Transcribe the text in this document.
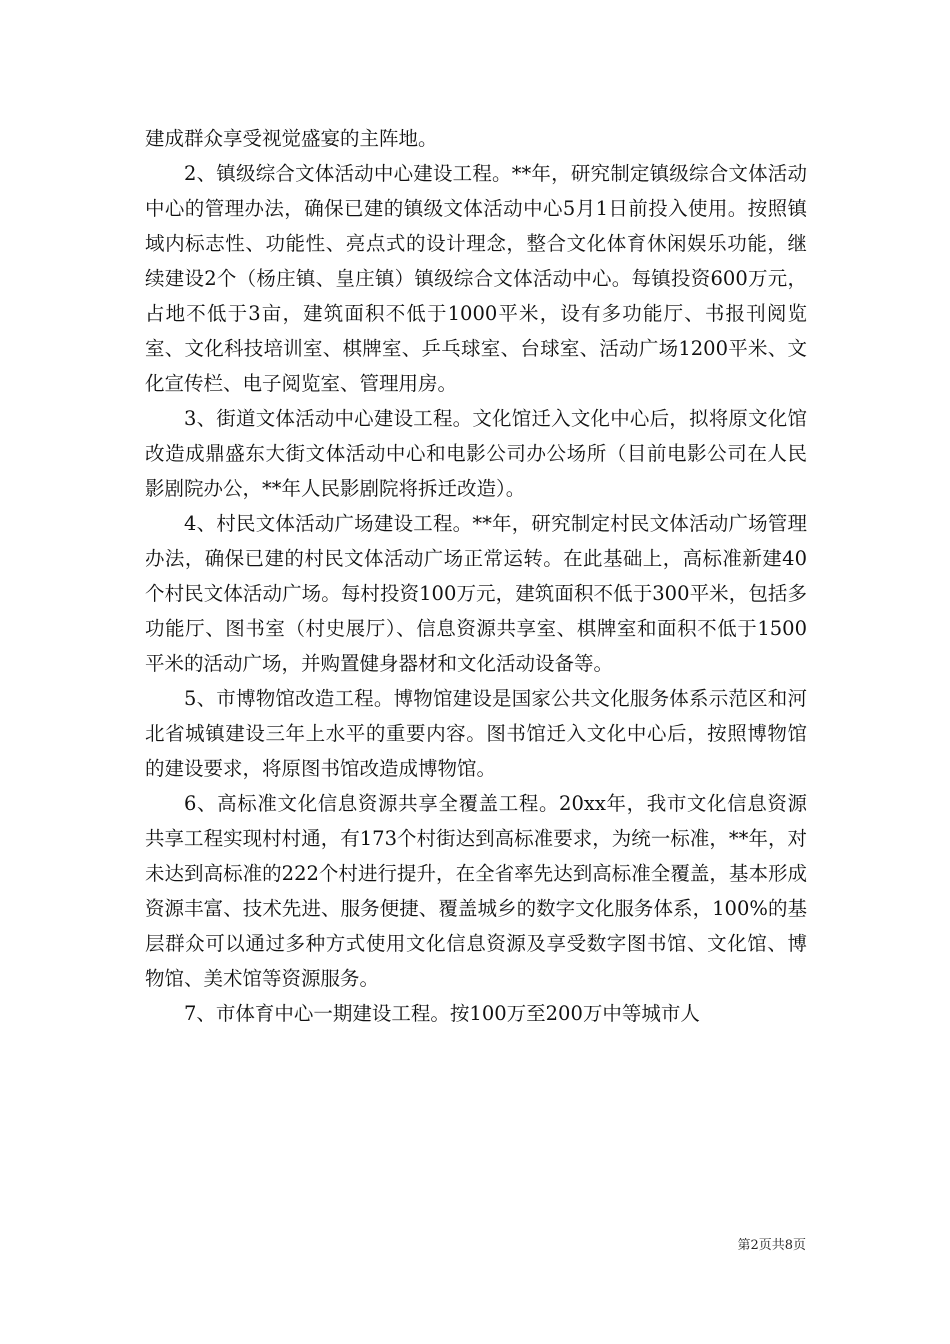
建成群众享受视觉盛宴的主阵地。

2、镇级综合文体活动中心建设工程。**年，研究制定镇级综合文体活动中心的管理办法，确保已建的镇级文体活动中心5月1日前投入使用。按照镇域内标志性、功能性、亮点式的设计理念，整合文化体育休闲娱乐功能，继续建设2个（杨庄镇、皇庄镇）镇级综合文体活动中心。每镇投资600万元，占地不低于3亩，建筑面积不低于1000平米，设有多功能厅、书报刊阅览室、文化科技培训室、棋牌室、乒乓球室、台球室、活动广场1200平米、文化宣传栏、电子阅览室、管理用房。

3、街道文体活动中心建设工程。文化馆迁入文化中心后，拟将原文化馆改造成鼎盛东大街文体活动中心和电影公司办公场所（目前电影公司在人民影剧院办公，**年人民影剧院将拆迁改造）。

4、村民文体活动广场建设工程。**年，研究制定村民文体活动广场管理办法，确保已建的村民文体活动广场正常运转。在此基础上，高标准新建40个村民文体活动广场。每村投资100万元，建筑面积不低于300平米，包括多功能厅、图书室（村史展厅）、信息资源共享室、棋牌室和面积不低于1500平米的活动广场，并购置健身器材和文化活动设备等。

5、市博物馆改造工程。博物馆建设是国家公共文化服务体系示范区和河北省城镇建设三年上水平的重要内容。图书馆迁入文化中心后，按照博物馆的建设要求，将原图书馆改造成博物馆。

6、高标准文化信息资源共享全覆盖工程。20xx年，我市文化信息资源共享工程实现村村通，有173个村街达到高标准要求，为统一标准，**年，对未达到高标准的222个村进行提升，在全省率先达到高标准全覆盖，基本形成资源丰富、技术先进、服务便捷、覆盖城乡的数字文化服务体系，100%的基层群众可以通过多种方式使用文化信息资源及享受数字图书馆、文化馆、博物馆、美术馆等资源服务。

7、市体育中心一期建设工程。按100万至200万中等城市人

第2页共8页
